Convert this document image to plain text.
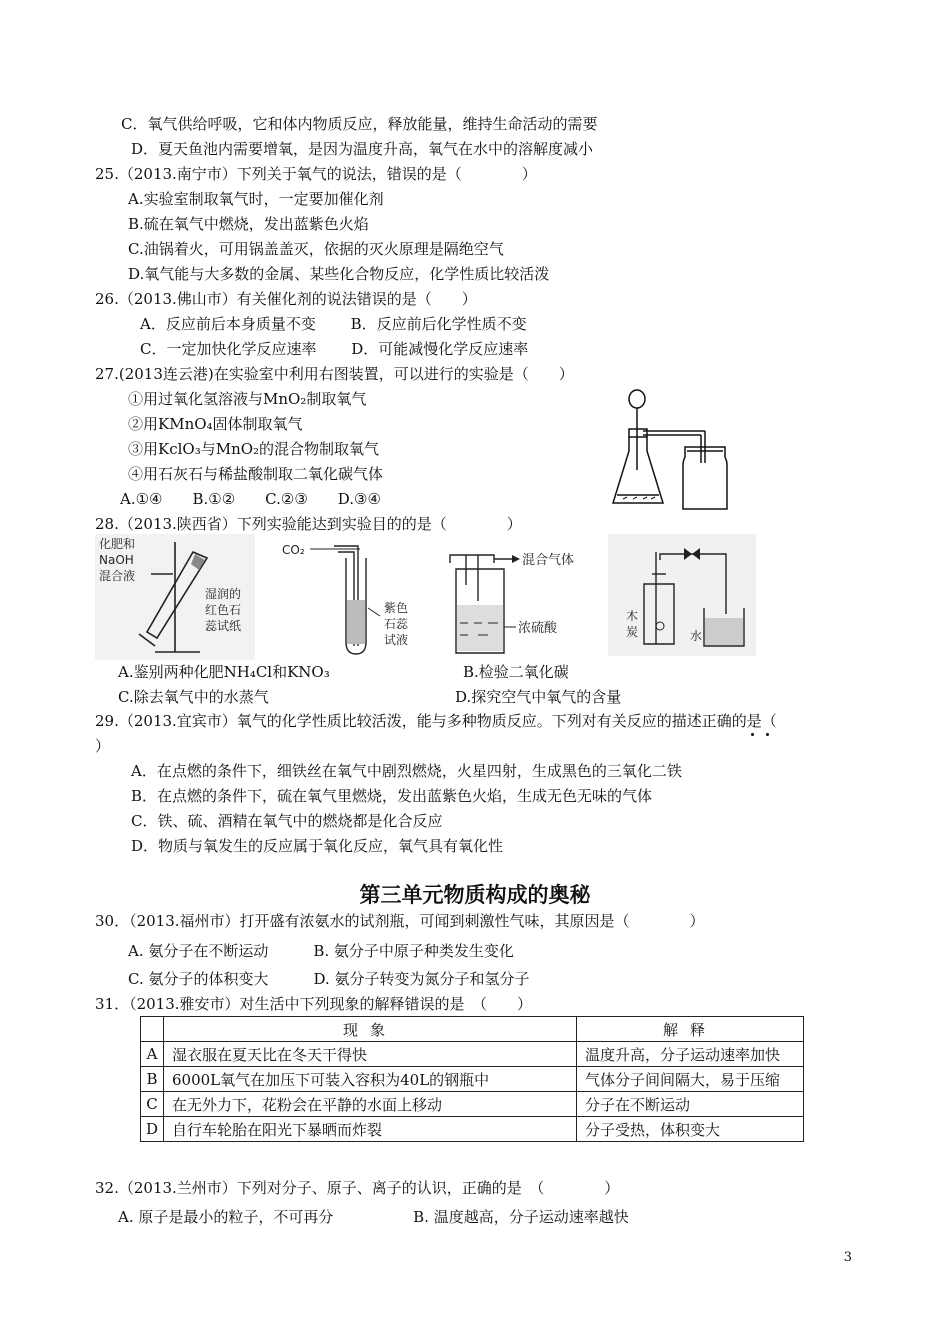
C．氧气供给呼吸，它和体内物质反应，释放能量，维持生命活动的需要
D．夏天鱼池内需要增氧，是因为温度升高，氧气在水中的溶解度减小
25.（2013.南宁市）下列关于氧气的说法，错误的是（　　　　）
A.实验室制取氧气时，一定要加催化剂
B.硫在氧气中燃烧，发出蓝紫色火焰
C.油锅着火，可用锅盖盖灭，依据的灭火原理是隔绝空气
D.氧气能与大多数的金属、某些化合物反应，化学性质比较活泼
26.（2013.佛山市）有关催化剂的说法错误的是（　　）
A．反应前后本身质量不变　　 B．反应前后化学性质不变
C．一定加快化学反应速率　　 D．可能减慢化学反应速率
27.(2013连云港)在实验室中利用右图装置，可以进行的实验是（　　）
①用过氧化氢溶液与MnO₂制取氧气
②用KMnO₄固体制取氧气
③用KclO₃与MnO₂的混合物制取氧气
④用石灰石与稀盐酸制取二氧化碳气体
A.①④　　B.①②　　C.②③　　D.③④
28.（2013.陕西省）下列实验能达到实验目的的是（　　　　）
化肥和
NaOH
混合液
湿润的
红色石
蕊试纸
CO₂
紫色
石蕊
试液
混合气体
浓硫酸
木
炭	水
A.鉴别两种化肥NH₄Cl和KNO₃	B.检验二氧化碳
C.除去氧气中的水蒸气	D.探究空气中氧气的含量
29.（2013.宜宾市）氧气的化学性质比较活泼，能与多种物质反应。下列对有关反应的描述正确的是（
）
A．在点燃的条件下，细铁丝在氧气中剧烈燃烧，火星四射，生成黑色的三氧化二铁
B．在点燃的条件下，硫在氧气里燃烧，发出蓝紫色火焰，生成无色无味的气体
C．铁、硫、酒精在氧气中的燃烧都是化合反应
D．物质与氧发生的反应属于氧化反应，氧气具有氧化性
第三单元物质构成的奥秘
30．（2013.福州市）打开盛有浓氨水的试剂瓶，可闻到刺激性气味，其原因是（　　　　）
A. 氨分子在不断运动　　　B. 氨分子中原子种类发生变化
C. 氨分子的体积变大　　　D. 氨分子转变为氮分子和氢分子
31．（2013.雅安市）对生活中下列现象的解释错误的是　（　　）
	现象	解释
A	湿衣服在夏天比在冬天干得快	温度升高，分子运动速率加快
B	6000L氧气在加压下可装入容积为40L的钢瓶中	气体分子间间隔大，易于压缩
C	在无外力下，花粉会在平静的水面上移动	分子在不断运动
D	自行车轮胎在阳光下暴晒而炸裂	分子受热，体积变大
32.（2013.兰州市）下列对分子、原子、离子的认识，正确的是　（　　　　）
A. 原子是最小的粒子，不可再分　　　　　 B. 温度越高，分子运动速率越快
3
